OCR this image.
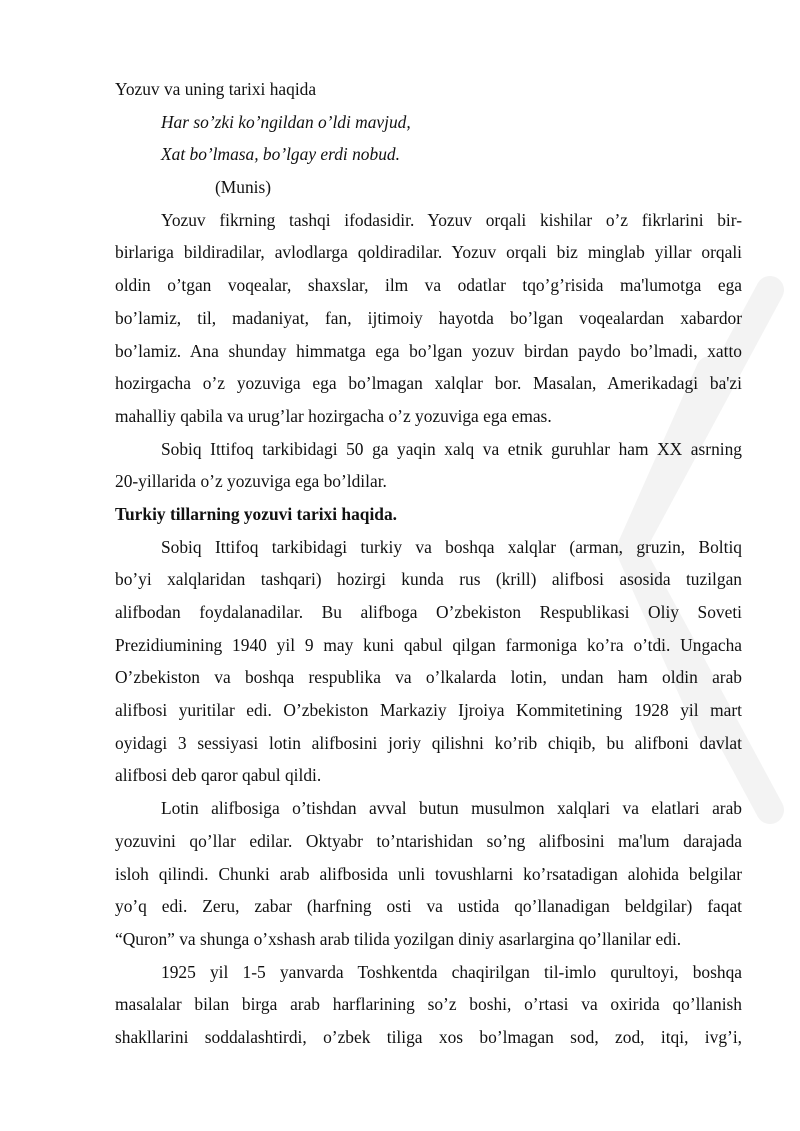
Yozuv va uning tarixi haqida
Har so’zki ko’ngildan o’ldi mavjud,
Xat bo’lmasa, bo’lgay erdi nobud.
(Munis)
Yozuv fikrning tashqi ifodasidir. Yozuv orqali kishilar o’z fikrlarini bir-
birlariga bildiradilar, avlodlarga qoldiradilar. Yozuv orqali biz minglab yillar orqali
oldin o’tgan voqealar, shaxslar, ilm va odatlar tqo’g’risida ma'lumotga ega
bo’lamiz, til, madaniyat, fan, ijtimoiy hayotda bo’lgan voqealardan xabardor
bo’lamiz. Ana shunday himmatga ega bo’lgan yozuv birdan paydo bo’lmadi, xatto
hozirgacha o’z yozuviga ega bo’lmagan xalqlar bor. Masalan, Amerikadagi ba'zi
mahalliy qabila va urug’lar hozirgacha o’z yozuviga ega emas.
Sobiq Ittifoq tarkibidagi 50 ga yaqin xalq va etnik guruhlar ham XX asrning
20-yillarida o’z yozuviga ega bo’ldilar.
Turkiy tillarning yozuvi tarixi haqida.
Sobiq Ittifoq tarkibidagi turkiy va boshqa xalqlar (arman, gruzin, Boltiq
bo’yi xalqlaridan tashqari) hozirgi kunda rus (krill) alifbosi asosida tuzilgan
alifbodan foydalanadilar. Bu alifboga O’zbekiston Respublikasi Oliy Soveti
Prezidiumining 1940 yil 9 may kuni qabul qilgan farmoniga ko’ra o’tdi. Ungacha
O’zbekiston va boshqa respublika va o’lkalarda lotin, undan ham oldin arab
alifbosi yuritilar edi. O’zbekiston Markaziy Ijroiya Kommitetining 1928 yil mart
oyidagi 3 sessiyasi lotin alifbosini joriy qilishni ko’rib chiqib, bu alifboni davlat
alifbosi deb qaror qabul qildi.
Lotin alifbosiga o’tishdan avval butun musulmon xalqlari va elatlari arab
yozuvini qo’llar edilar. Oktyabr to’ntarishidan so’ng alifbosini ma'lum darajada
isloh qilindi. Chunki arab alifbosida unli tovushlarni ko’rsatadigan alohida belgilar
yo’q edi. Zeru, zabar (harfning osti va ustida qo’llanadigan beldgilar) faqat
“Quron” va shunga o’xshash arab tilida yozilgan diniy asarlargina qo’llanilar edi.
1925 yil 1-5 yanvarda Toshkentda chaqirilgan til-imlo qurultoyi, boshqa
masalalar bilan birga arab harflarining so’z boshi, o’rtasi va oxirida qo’llanish
shakllarini soddalashtirdi, o’zbek tiligа xos bo’lmagan sod, zod, itqi, ivg’i,
